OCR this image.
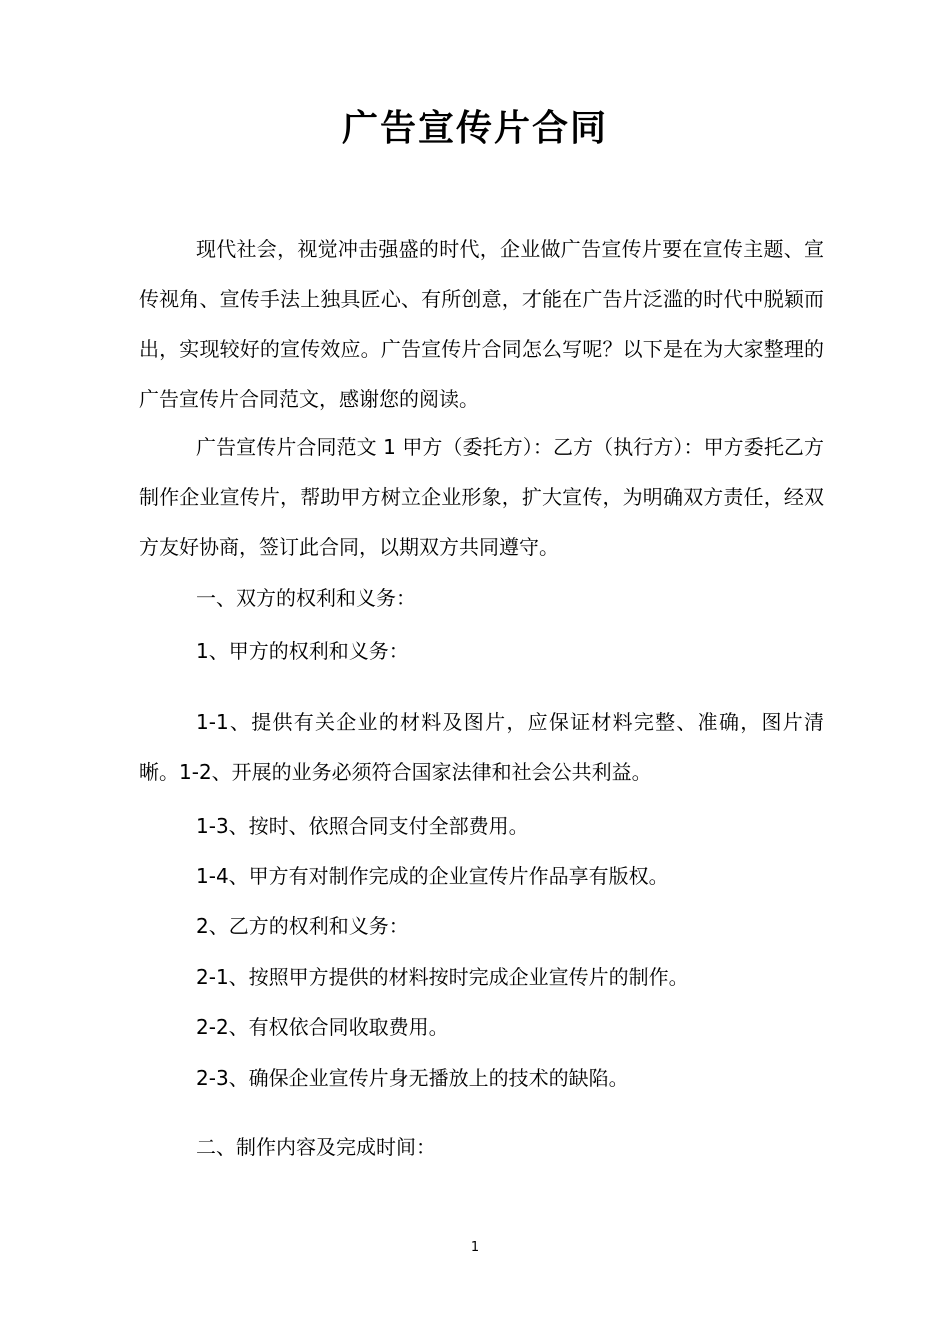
广告宣传片合同

现代社会，视觉冲击强盛的时代，企业做广告宣传片要在宣传主题、宣传视角、宣传手法上独具匠心、有所创意，才能在广告片泛滥的时代中脱颖而出，实现较好的宣传效应。广告宣传片合同怎么写呢？以下是在为大家整理的广告宣传片合同范文，感谢您的阅读。

广告宣传片合同范文 1 甲方（委托方）：乙方（执行方）：甲方委托乙方制作企业宣传片，帮助甲方树立企业形象，扩大宣传，为明确双方责任，经双方友好协商，签订此合同，以期双方共同遵守。

一、双方的权利和义务：
1、甲方的权利和义务：

1-1、提供有关企业的材料及图片，应保证材料完整、准确，图片清晰。1-2、开展的业务必须符合国家法律和社会公共利益。

1-3、按时、依照合同支付全部费用。
1-4、甲方有对制作完成的企业宣传片作品享有版权。
2、乙方的权利和义务：
2-1、按照甲方提供的材料按时完成企业宣传片的制作。
2-2、有权依合同收取费用。
2-3、确保企业宣传片身无播放上的技术的缺陷。
二、制作内容及完成时间：
1
